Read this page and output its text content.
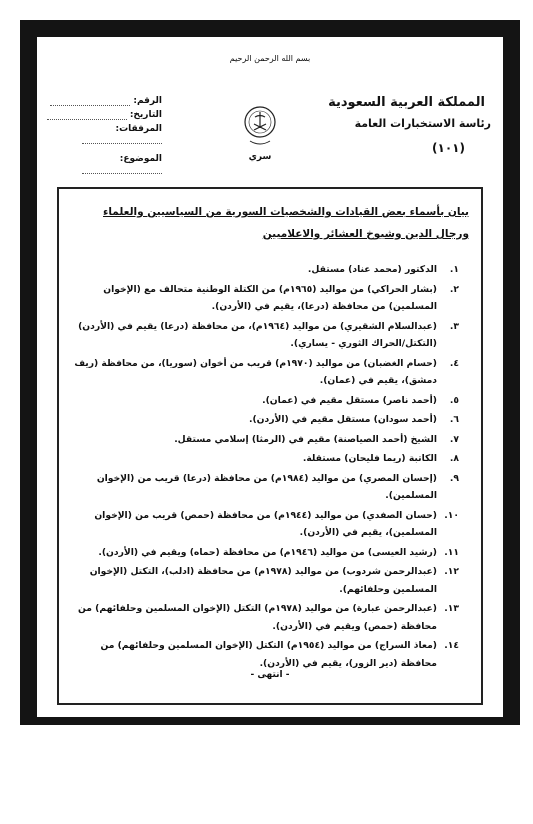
بسم الله الرحمن الرحيم
المملكة العربية السعودية
رئاسة الاستخبارات العامة
(١٠١)
سري
الرقم:
التاريخ:
المرفقات:
الموضوع:
بيان بأسماء بعض القيادات والشخصيات السورية من السياسيين والعلماء ورجال الدين وشيوخ العشائر والاعلاميين
١.
الدكتور (محمد عناد) مستقل.
٢.
(بشار الحراكي) من مواليد (١٩٦٥م) من الكتلة الوطنية متحالف مع (الإخوان المسلمين) من محافظة (درعا)، يقيم في (الأردن).
٣.
(عبدالسلام الشقيري) من مواليد (١٩٦٤م)، من محافظة (درعا) يقيم في (الأردن) (التكتل/الحراك الثوري - يساري).
٤.
(حسام الغضبان) من مواليد (١٩٧٠م) قريب من أخوان (سوريا)، من محافظة (ريف دمشق)، يقيم في (عمان).
٥.
(أحمد ناصر) مستقل مقيم في (عمان).
٦.
(أحمد سودان) مستقل مقيم في (الأردن).
٧.
الشيخ (أحمد الصياصنة) مقيم في (الرمثا) إسلامي مستقل.
٨.
الكاتبة (ريما فليحان) مستقلة.
٩.
(إحسان المصري) من مواليد (١٩٨٤م) من محافظة (درعا) قريب من (الإخوان المسلمين).
١٠.
(حسان الصفدي) من مواليد (١٩٤٤م) من محافظة (حمص) قريب من (الإخوان المسلمين)، يقيم في (الأردن).
١١.
(رشيد العيسى) من مواليد (١٩٤٦م) من محافظة (حماه) ويقيم في (الأردن).
١٢.
(عبدالرحمن شردوب) من مواليد (١٩٧٨م) من محافظة (ادلب)، التكتل (الإخوان المسلمين وحلفائهم).
١٣.
(عبدالرحمن عبارة) من مواليد (١٩٧٨م) التكتل (الإخوان المسلمين وحلفائهم) من محافظة (حمص) ويقيم في (الأردن).
١٤.
(معاذ السراج) من مواليد (١٩٥٤م) التكتل (الإخوان المسلمين وحلفائهم) من محافظة (دير الزور)، يقيم في (الأردن).
- انتهى -
